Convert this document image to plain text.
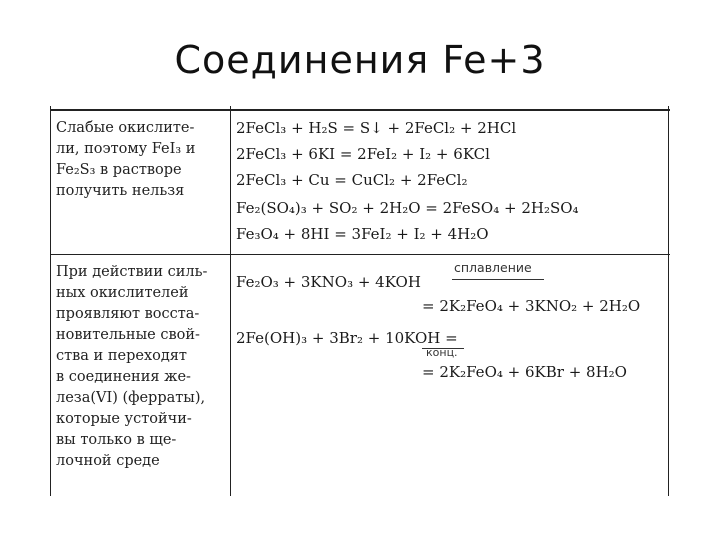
Соединения Fe+3
Слабые окислите-
ли, поэтому FeI₃ и
Fe₂S₃ в растворе
получить нельзя
2FeCl₃ + H₂S = S↓ + 2FeCl₂ + 2HCl
2FeCl₃ + 6KI = 2FeI₂ + I₂ + 6KCl
2FeCl₃ + Cu = CuCl₂ + 2FeCl₂
Fe₂(SO₄)₃ + SO₂ + 2H₂O = 2FeSO₄ + 2H₂SO₄
Fe₃O₄ + 8HI = 3FeI₂ + I₂ + 4H₂O
При действии силь-
ных окислителей
проявляют восста-
новительные свой-
ства и переходят
в соединения же-
леза(VI) (ферраты),
которые устойчи-
вы только в ще-
лочной среде
сплавление
Fe₂O₃ + 3KNO₃ + 4KOH
= 2K₂FeO₄ + 3KNO₂ + 2H₂O
2Fe(OH)₃ + 3Br₂ + 10KOH =
конц.
= 2K₂FeO₄ + 6KBr + 8H₂O
